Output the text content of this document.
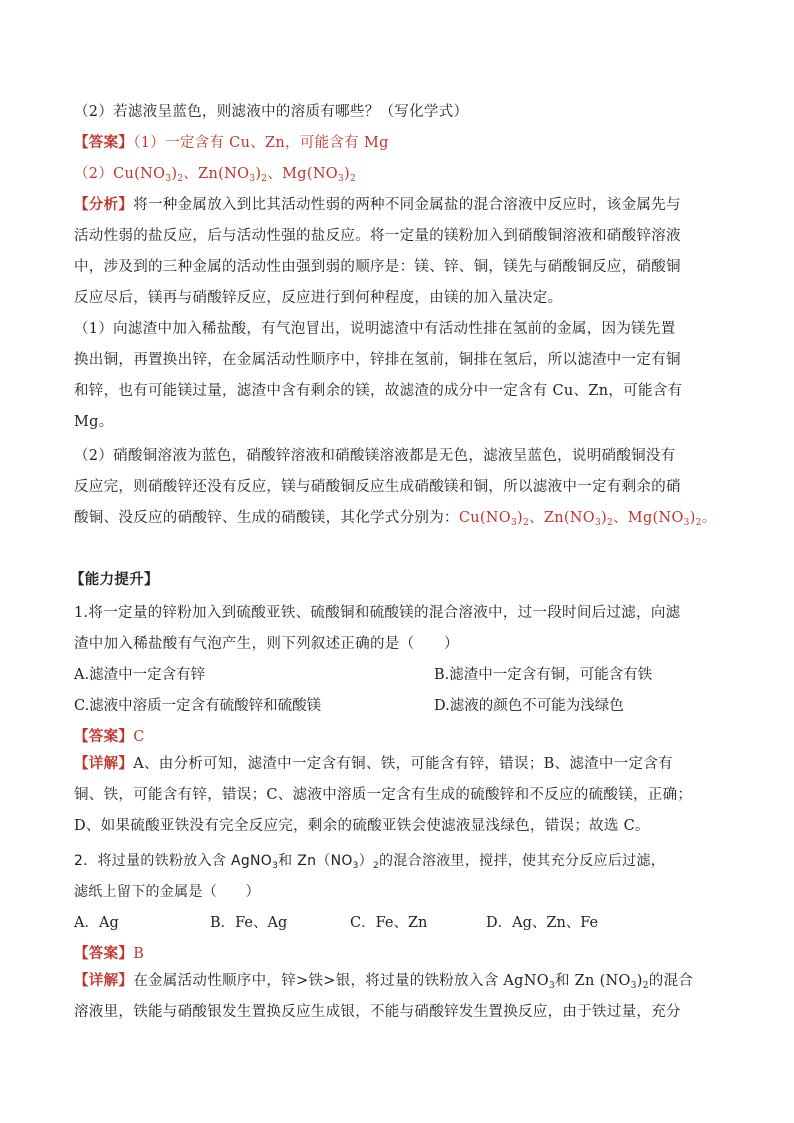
（2）若滤液呈蓝色，则滤液中的溶质有哪些？（写化学式）
【答案】（1）一定含有 Cu、Zn，可能含有 Mg
$(2)Cu(NO_3)_2$、$Zn(NO_3)_2$、$Mg(NO_3)_2$
【分析】将一种金属放入到比其活动性弱的两种不同金属盐的混合溶液中反应时，该金属先与
活动性弱的盐反应，后与活动性强的盐反应。将一定量的镁粉加入到硝酸铜溶液和硝酸锌溶液
中，涉及到的三种金属的活动性由强到弱的顺序是：镁、锌、铜，镁先与硝酸铜反应，硝酸铜
反应尽后，镁再与硝酸锌反应，反应进行到何种程度，由镁的加入量决定。
（1）向滤渣中加入稀盐酸，有气泡冒出，说明滤渣中有活动性排在氢前的金属，因为镁先置
换出铜，再置换出锌，在金属活动性顺序中，锌排在氢前，铜排在氢后，所以滤渣中一定有铜
和锌，也有可能镁过量，滤渣中含有剩余的镁，故滤渣的成分中一定含有 Cu、Zn，可能含有
Mg。
（2）硝酸铜溶液为蓝色，硝酸锌溶液和硝酸镁溶液都是无色，滤液呈蓝色，说明硝酸铜没有
反应完，则硝酸锌还没有反应，镁与硝酸铜反应生成硝酸镁和铜，所以滤液中一定有剩余的硝
酸铜、没反应的硝酸锌、生成的硝酸镁，其化学式分别为：$Cu(NO_3)_2$、$Zn(NO_3)_2$、$Mg(NO_3)_2$。
【能力提升】
1.将一定量的锌粉加入到硫酸亚铁、硫酸铜和硫酸镁的混合溶液中，过一段时间后过滤，向滤
渣中加入稀盐酸有气泡产生，则下列叙述正确的是（　　）
A.滤渣中一定含有锌	B.滤渣中一定含有铜，可能含有铁
C.滤液中溶质一定含有硫酸锌和硫酸镁	D.滤液的颜色不可能为浅绿色
【答案】C
【详解】A、由分析可知，滤渣中一定含有铜、铁，可能含有锌，错误；B、滤渣中一定含有
铜、铁，可能含有锌，错误；C、滤液中溶质一定含有生成的硫酸锌和不反应的硫酸镁，正确；
D、如果硫酸亚铁没有完全反应完，剩余的硫酸亚铁会使滤液显浅绿色，错误；故选 C。
2．将过量的铁粉放入含 AgNO$_3$和 $Zn(NO_3)_2$的混合溶液里，搅拌，使其充分反应后过滤，
滤纸上留下的金属是（　　）
A．Ag	B．Fe、Ag	C．Fe、Zn	D．Ag、Zn、Fe
【答案】B
【详解】在金属活动性顺序中，锌>铁>银，将过量的铁粉放入含 AgNO$_3$和 Zn $(NO_3)_2$的混合
溶液里，铁能与硝酸银发生置换反应生成银，不能与硝酸锌发生置换反应，由于铁过量，充分
